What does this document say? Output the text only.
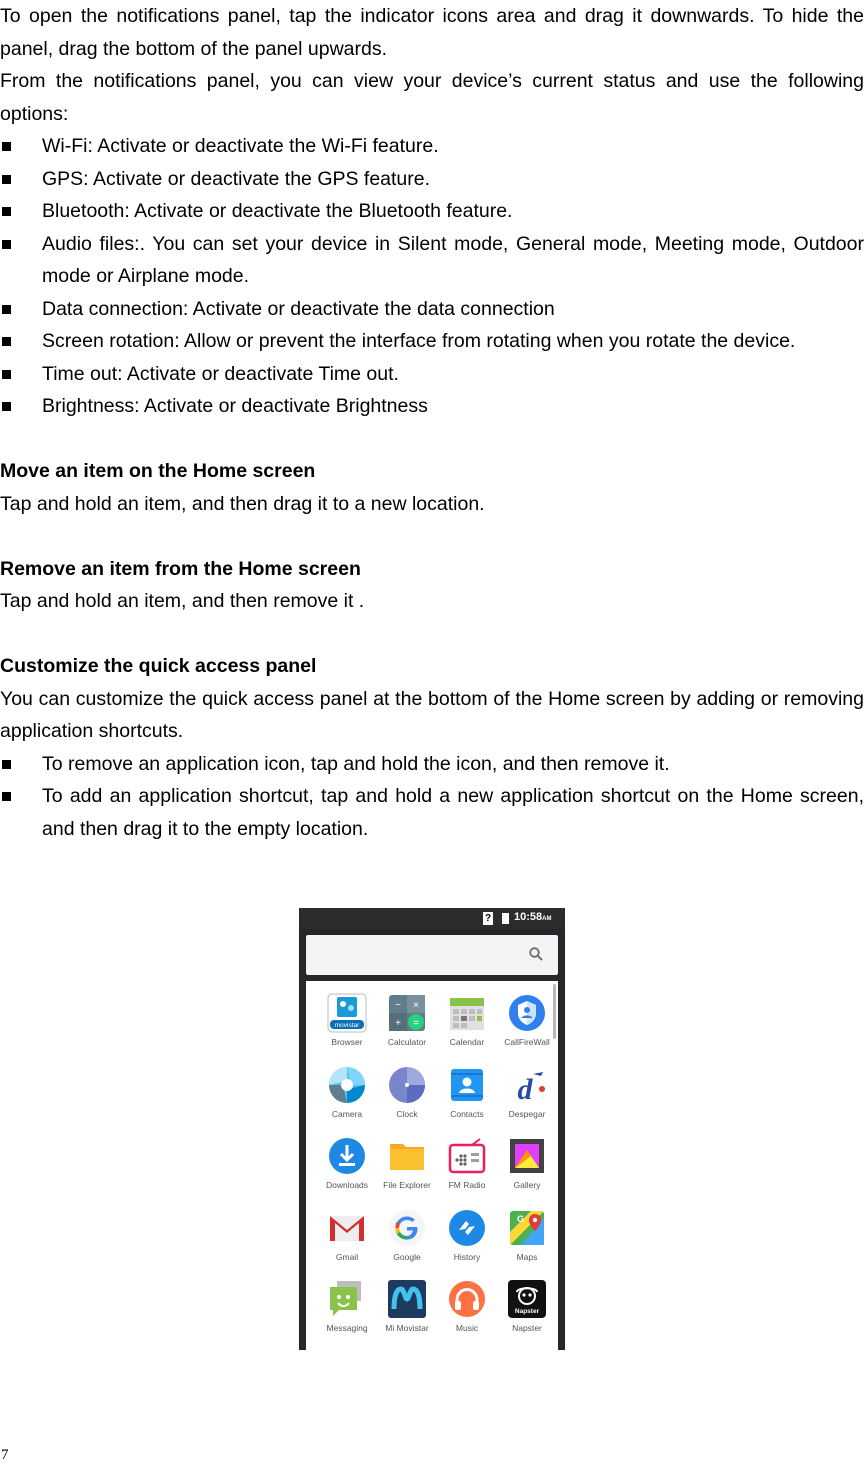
To open the notifications panel, tap the indicator icons area and drag it downwards. To hide the panel, drag the bottom of the panel upwards.

From the notifications panel, you can view your device’s current status and use the following options:

Wi-Fi: Activate or deactivate the Wi-Fi feature.
GPS: Activate or deactivate the GPS feature.
Bluetooth: Activate or deactivate the Bluetooth feature.
Audio files:. You can set your device in Silent mode, General mode, Meeting mode, Outdoor mode or Airplane mode.
Data connection: Activate or deactivate the data connection
Screen rotation: Allow or prevent the interface from rotating when you rotate the device.
Time out: Activate or deactivate Time out.
Brightness: Activate or deactivate Brightness

Move an item on the Home screen

Tap and hold an item, and then drag it to a new location.

Remove an item from the Home screen

Tap and hold an item, and then remove it .

Customize the quick access panel

You can customize the quick access panel at the bottom of the Home screen by adding or removing application shortcuts.

To remove an application icon, tap and hold the icon, and then remove it.
To add an application shortcut, tap and hold a new application shortcut on the Home screen, and then drag it to the empty location.
? 10:58AM
movistar
Browser
− ×
+ =
Calculator	Calendar	CallFireWall
Camera	Clock	Contacts
d
Despegar
Downloads	File Explorer	FM Radio	Gallery
Gmail	Google	History
G
Maps
Messaging	Mi Movistar	Music
Napster
Napster
7
